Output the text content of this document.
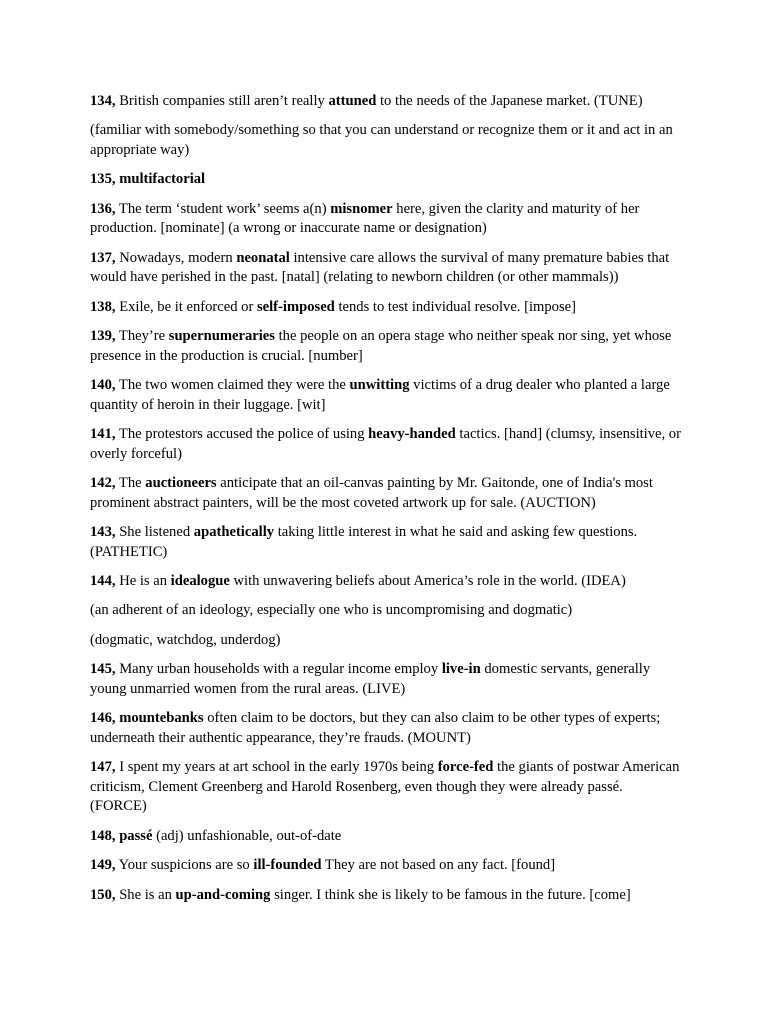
134, British companies still aren’t really attuned to the needs of the Japanese market. (TUNE)

(familiar with somebody/something so that you can understand or recognize them or it and act in an appropriate way)

135, multifactorial

136, The term ‘student work’ seems a(n) misnomer here, given the clarity and maturity of her production. [nominate] (a wrong or inaccurate name or designation)

137, Nowadays, modern neonatal intensive care allows the survival of many premature babies that would have perished in the past. [natal] (relating to newborn children (or other mammals))

138, Exile, be it enforced or self-imposed tends to test individual resolve. [impose]

139, They’re supernumeraries the people on an opera stage who neither speak nor sing, yet whose presence in the production is crucial. [number]

140, The two women claimed they were the unwitting victims of a drug dealer who planted a large quantity of heroin in their luggage. [wit]

141, The protestors accused the police of using heavy-handed tactics. [hand] (clumsy, insensitive, or overly forceful)

142, The auctioneers anticipate that an oil-canvas painting by Mr. Gaitonde, one of India's most prominent abstract painters, will be the most coveted artwork up for sale. (AUCTION)

143, She listened apathetically taking little interest in what he said and asking few questions. (PATHETIC)

144, He is an idealogue with unwavering beliefs about America’s role in the world. (IDEA)

(an adherent of an ideology, especially one who is uncompromising and dogmatic)

(dogmatic, watchdog, underdog)

145, Many urban households with a regular income employ live-in domestic servants, generally young unmarried women from the rural areas. (LIVE)

146, mountebanks often claim to be doctors, but they can also claim to be other types of experts; underneath their authentic appearance, they’re frauds. (MOUNT)

147, I spent my years at art school in the early 1970s being force-fed the giants of postwar American criticism, Clement Greenberg and Harold Rosenberg, even though they were already passé. (FORCE)

148, passé (adj) unfashionable, out-of-date

149, Your suspicions are so ill-founded They are not based on any fact. [found]

150, She is an up-and-coming singer. I think she is likely to be famous in the future. [come]
